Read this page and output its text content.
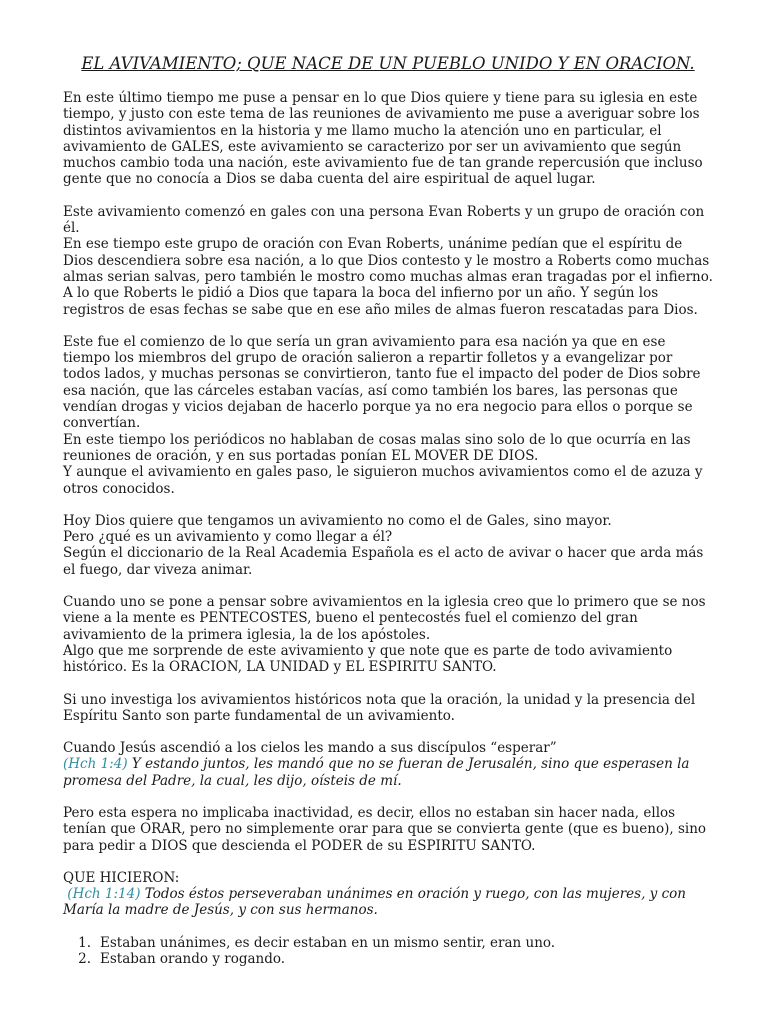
EL AVIVAMIENTO; QUE NACE DE UN PUEBLO UNIDO Y EN ORACION.

En este último tiempo me puse a pensar en lo que Dios quiere y tiene para su iglesia en este tiempo, y justo con este tema de las reuniones de avivamiento me puse a averiguar sobre los distintos avivamientos en la historia y me llamo mucho la atención uno en particular, el avivamiento de GALES, este avivamiento se caracterizo por ser un avivamiento que según muchos cambio toda una nación, este avivamiento fue de tan grande repercusión que incluso gente que no conocía a Dios se daba cuenta del aire espiritual de aquel lugar.

Este avivamiento comenzó en gales con una persona Evan Roberts y un grupo de oración con él.

En ese tiempo este grupo de oración con Evan Roberts, unánime pedían que el espíritu de Dios descendiera sobre esa nación, a lo que Dios contesto y le mostro a Roberts como muchas almas serian salvas, pero también le mostro como muchas almas eran tragadas por el infierno.

A lo que Roberts le pidió a Dios que tapara la boca del infierno por un año. Y según los registros de esas fechas se sabe que en ese año miles de almas fueron rescatadas para Dios.

Este fue el comienzo de lo que sería un gran avivamiento para esa nación ya que en ese tiempo los miembros del grupo de oración salieron a repartir folletos y a evangelizar por todos lados, y muchas personas se convirtieron, tanto fue el impacto del poder de Dios sobre esa nación, que las cárceles estaban vacías, así como también los bares, las personas que vendían drogas y vicios dejaban de hacerlo porque ya no era negocio para ellos o porque se convertían.

En este tiempo los periódicos no hablaban de cosas malas sino solo de lo que ocurría en las reuniones de oración, y en sus portadas ponían EL MOVER DE DIOS.

Y aunque el avivamiento en gales paso, le siguieron muchos avivamientos como el de azuza y otros conocidos.

Hoy Dios quiere que tengamos un avivamiento no como el de Gales, sino mayor.

Pero ¿qué es un avivamiento y como llegar a él?

Según el diccionario de la Real Academia Española es el acto de avivar o hacer que arda más el fuego, dar viveza animar.

Cuando uno se pone a pensar sobre avivamientos en la iglesia creo que lo primero que se nos viene a la mente es PENTECOSTES, bueno el pentecostés fuel el comienzo del gran avivamiento de la primera iglesia, la de los apóstoles.

Algo que me sorprende de este avivamiento y que note que es parte de todo avivamiento histórico. Es la ORACION, LA UNIDAD y EL ESPIRITU SANTO.

Si uno investiga los avivamientos históricos nota que la oración, la unidad y la presencia del Espíritu Santo son parte fundamental de un avivamiento.

Cuando Jesús ascendió a los cielos les mando a sus discípulos “esperar”

(Hch 1:4) Y estando juntos, les mandó que no se fueran de Jerusalén, sino que esperasen la promesa del Padre, la cual, les dijo, oísteis de mí.

Pero esta espera no implicaba inactividad, es decir, ellos no estaban sin hacer nada, ellos tenían que ORAR, pero no simplemente orar para que se convierta gente (que es bueno), sino para pedir a DIOS que descienda el PODER de su ESPIRITU SANTO.

QUE HICIERON:

(Hch 1:14) Todos éstos perseveraban unánimes en oración y ruego, con las mujeres, y con María la madre de Jesús, y con sus hermanos.

1. Estaban unánimes, es decir estaban en un mismo sentir, eran uno.
2. Estaban orando y rogando.
